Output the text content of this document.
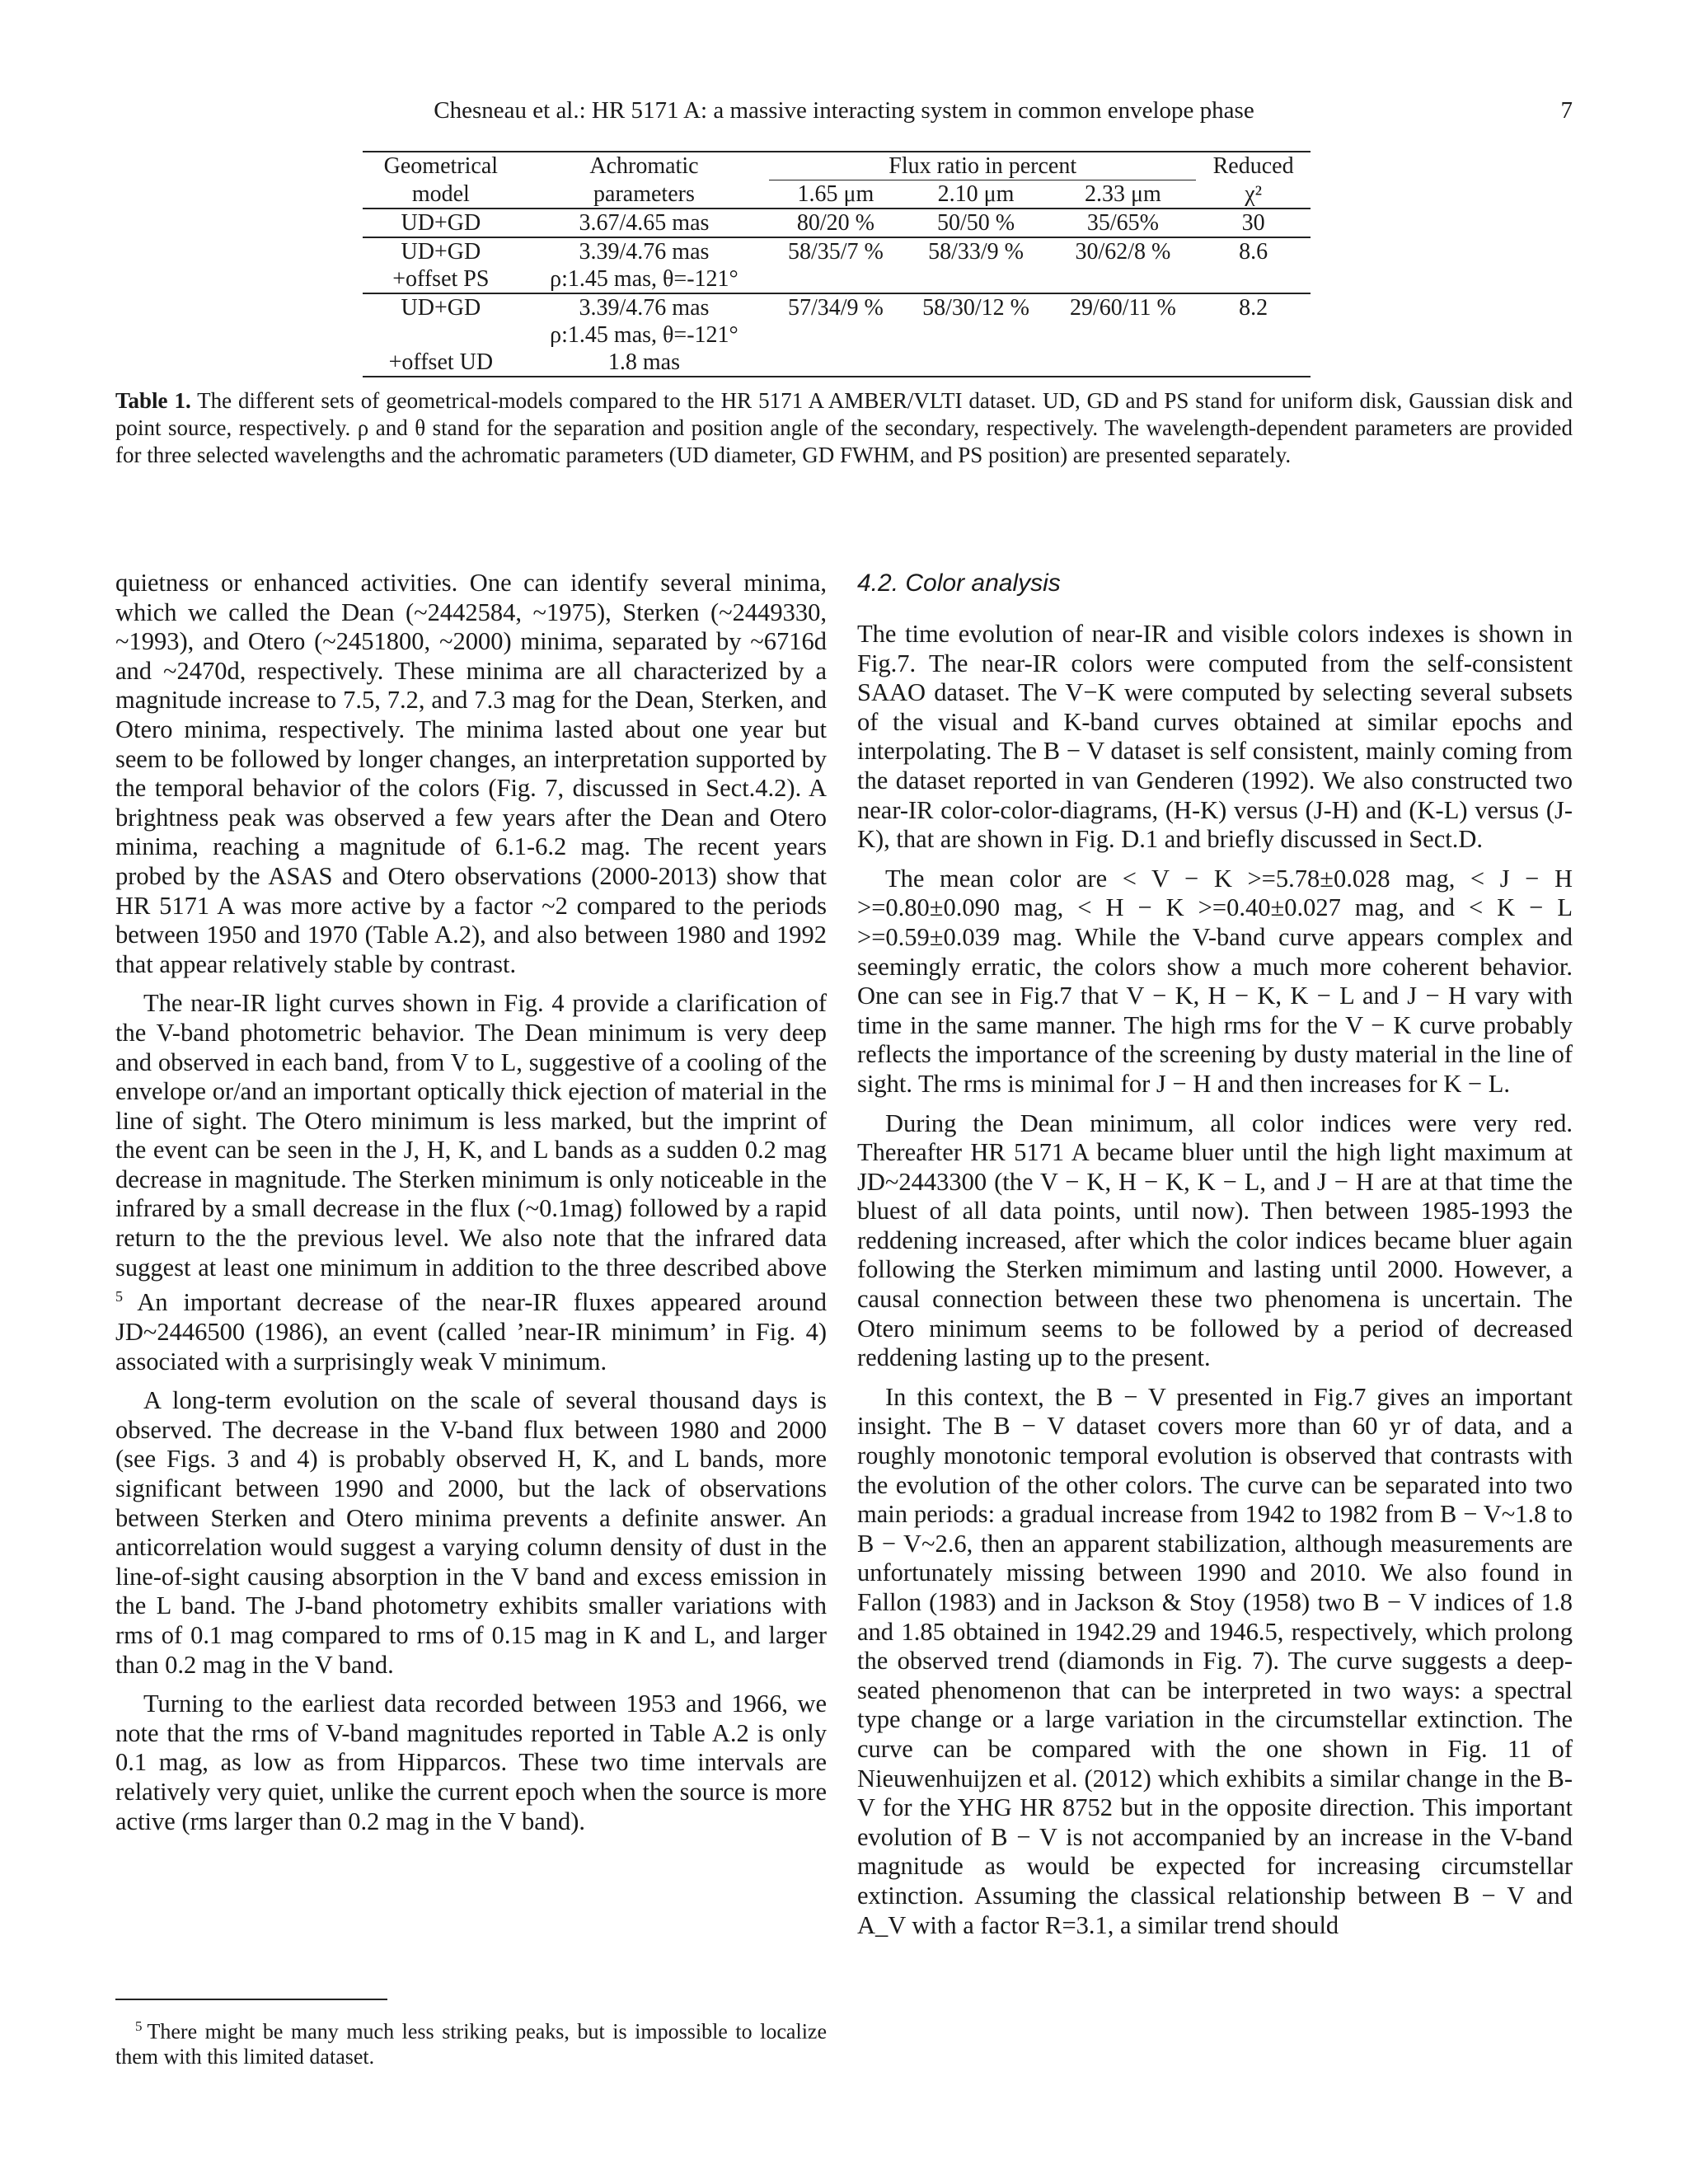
Chesneau et al.: HR 5171 A: a massive interacting system in common envelope phase	7
Geometrical	Achromatic	Flux ratio in percent			Reduced
model	parameters	1.65 μm	2.10 μm	2.33 μm	χ²
UD+GD	3.67/4.65 mas	80/20 %	50/50 %	35/65%	30
UD+GD	3.39/4.76 mas	58/35/7 %	58/33/9 %	30/62/8 %	8.6
+offset PS	ρ:1.45 mas, θ=-121°				
UD+GD	3.39/4.76 mas	57/34/9 %	58/30/12 %	29/60/11 %	8.2
	ρ:1.45 mas, θ=-121°				
+offset UD	1.8 mas				
Table 1. The different sets of geometrical-models compared to the HR 5171 A AMBER/VLTI dataset. UD, GD and PS stand for uniform disk, Gaussian disk and point source, respectively. ρ and θ stand for the separation and position angle of the secondary, respectively. The wavelength-dependent parameters are provided for three selected wavelengths and the achromatic parameters (UD diameter, GD FWHM, and PS position) are presented separately.

quietness or enhanced activities. One can identify several minima, which we called the Dean (~2442584, ~1975), Sterken (~2449330, ~1993), and Otero (~2451800, ~2000) minima, separated by ~6716d and ~2470d, respectively. These minima are all characterized by a magnitude increase to 7.5, 7.2, and 7.3 mag for the Dean, Sterken, and Otero minima, respectively. The minima lasted about one year but seem to be followed by longer changes, an interpretation supported by the temporal behavior of the colors (Fig. 7, discussed in Sect.4.2). A brightness peak was observed a few years after the Dean and Otero minima, reaching a magnitude of 6.1-6.2 mag. The recent years probed by the ASAS and Otero observations (2000-2013) show that HR 5171 A was more active by a factor ~2 compared to the periods between 1950 and 1970 (Table A.2), and also between 1980 and 1992 that appear relatively stable by contrast.

The near-IR light curves shown in Fig. 4 provide a clarification of the V-band photometric behavior. The Dean minimum is very deep and observed in each band, from V to L, suggestive of a cooling of the envelope or/and an important optically thick ejection of material in the line of sight. The Otero minimum is less marked, but the imprint of the event can be seen in the J, H, K, and L bands as a sudden 0.2 mag decrease in magnitude. The Sterken minimum is only noticeable in the infrared by a small decrease in the flux (~0.1mag) followed by a rapid return to the the previous level. We also note that the infrared data suggest at least one minimum in addition to the three described above $^5$ An important decrease of the near-IR fluxes appeared around JD~2446500 (1986), an event (called ’near-IR minimum’ in Fig. 4) associated with a surprisingly weak V minimum.

A long-term evolution on the scale of several thousand days is observed. The decrease in the V-band flux between 1980 and 2000 (see Figs. 3 and 4) is probably observed H, K, and L bands, more significant between 1990 and 2000, but the lack of observations between Sterken and Otero minima prevents a definite answer. An anticorrelation would suggest a varying column density of dust in the line-of-sight causing absorption in the V band and excess emission in the L band. The J-band photometry exhibits smaller variations with rms of 0.1 mag compared to rms of 0.15 mag in K and L, and larger than 0.2 mag in the V band.

Turning to the earliest data recorded between 1953 and 1966, we note that the rms of V-band magnitudes reported in Table A.2 is only 0.1 mag, as low as from Hipparcos. These two time intervals are relatively very quiet, unlike the current epoch when the source is more active (rms larger than 0.2 mag in the V band).

$^5$ There might be many much less striking peaks, but is impossible to localize them with this limited dataset.
4.2. Color analysis

The time evolution of near-IR and visible colors indexes is shown in Fig.7. The near-IR colors were computed from the self-consistent SAAO dataset. The V−K were computed by selecting several subsets of the visual and K-band curves obtained at similar epochs and interpolating. The B − V dataset is self consistent, mainly coming from the dataset reported in van Genderen (1992). We also constructed two near-IR color-color-diagrams, (H-K) versus (J-H) and (K-L) versus (J-K), that are shown in Fig. D.1 and briefly discussed in Sect.D.

The mean color are < V − K >=5.78±0.028 mag, < J − H >=0.80±0.090 mag, < H − K >=0.40±0.027 mag, and < K − L >=0.59±0.039 mag. While the V-band curve appears complex and seemingly erratic, the colors show a much more coherent behavior. One can see in Fig.7 that V − K, H − K, K − L and J − H vary with time in the same manner. The high rms for the V − K curve probably reflects the importance of the screening by dusty material in the line of sight. The rms is minimal for J − H and then increases for K − L.

During the Dean minimum, all color indices were very red. Thereafter HR 5171 A became bluer until the high light maximum at JD~2443300 (the V − K, H − K, K − L, and J − H are at that time the bluest of all data points, until now). Then between 1985-1993 the reddening increased, after which the color indices became bluer again following the Sterken mimimum and lasting until 2000. However, a causal connection between these two phenomena is uncertain. The Otero minimum seems to be followed by a period of decreased reddening lasting up to the present.

In this context, the B − V presented in Fig.7 gives an important insight. The B − V dataset covers more than 60 yr of data, and a roughly monotonic temporal evolution is observed that contrasts with the evolution of the other colors. The curve can be separated into two main periods: a gradual increase from 1942 to 1982 from B − V~1.8 to B − V~2.6, then an apparent stabilization, although measurements are unfortunately missing between 1990 and 2010. We also found in Fallon (1983) and in Jackson & Stoy (1958) two B − V indices of 1.8 and 1.85 obtained in 1942.29 and 1946.5, respectively, which prolong the observed trend (diamonds in Fig. 7). The curve suggests a deep-seated phenomenon that can be interpreted in two ways: a spectral type change or a large variation in the circumstellar extinction. The curve can be compared with the one shown in Fig. 11 of Nieuwenhuijzen et al. (2012) which exhibits a similar change in the B-V for the YHG HR 8752 but in the opposite direction. This important evolution of B − V is not accompanied by an increase in the V-band magnitude as would be expected for increasing circumstellar extinction. Assuming the classical relationship between B − V and A_V with a factor R=3.1, a similar trend should
